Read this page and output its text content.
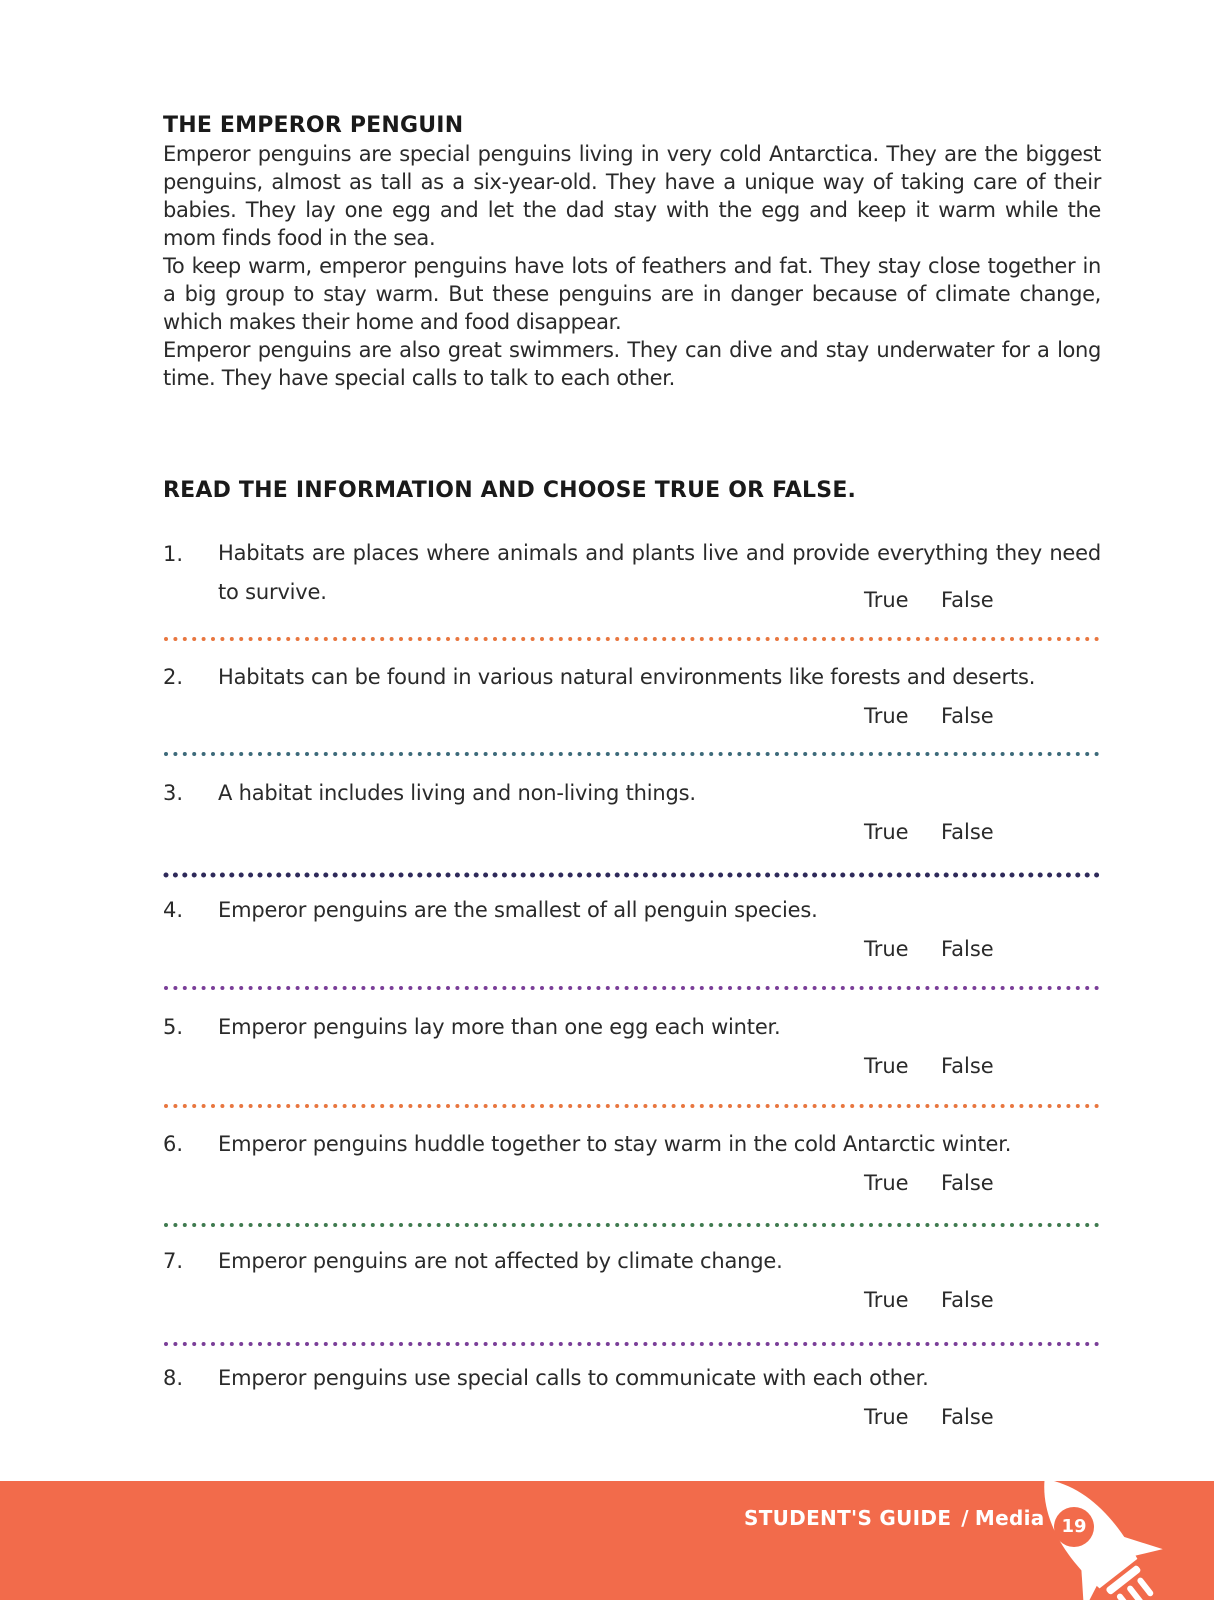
THE EMPEROR PENGUIN

Emperor penguins are special penguins living in very cold Antarctica. They are the biggest penguins, almost as tall as a six-year-old. They have a unique way of taking care of their babies. They lay one egg and let the dad stay with the egg and keep it warm while the mom finds food in the sea.

To keep warm, emperor penguins have lots of feathers and fat. They stay close together in a big group to stay warm. But these penguins are in danger because of climate change, which makes their home and food disappear.

Emperor penguins are also great swimmers. They can dive and stay underwater for a long time. They have special calls to talk to each other.

READ THE INFORMATION AND CHOOSE TRUE OR FALSE.
1. Habitats are places where animals and plants live and provide everything they need to survive.	True False
2. Habitats can be found in various natural environments like forests and deserts.
True False
3. A habitat includes living and non-living things.
True False
4. Emperor penguins are the smallest of all penguin species.
True False
5. Emperor penguins lay more than one egg each winter.
True False
6. Emperor penguins huddle together to stay warm in the cold Antarctic winter.
True False
7. Emperor penguins are not affected by climate change.
True False
8. Emperor penguins use special calls to communicate with each other.
True False
STUDENT'S GUIDE / Media 19
